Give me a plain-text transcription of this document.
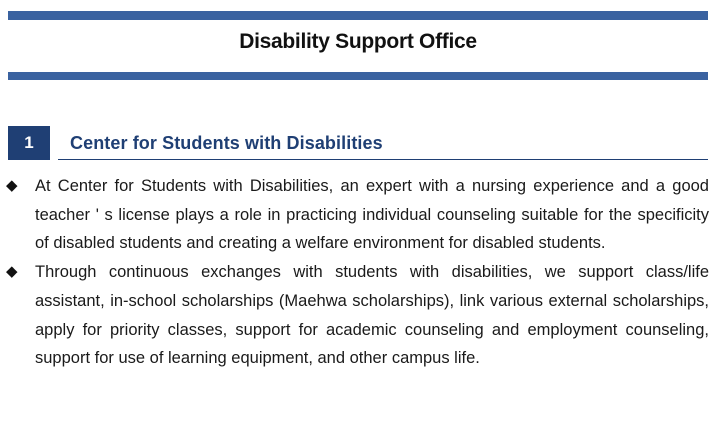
Disability Support Office
1	Center for Students with Disabilities

◆ At Center for Students with Disabilities, an expert with a nursing experience and a good teacher ' s license plays a role in practicing individual counseling suitable for the specificity of disabled students and creating a welfare environment for disabled students.

◆ Through continuous exchanges with students with disabilities, we support class/life assistant, in-school scholarships (Maehwa scholarships), link various external scholarships, apply for priority classes, support for academic counseling and employment counseling, support for use of learning equipment, and other campus life.
